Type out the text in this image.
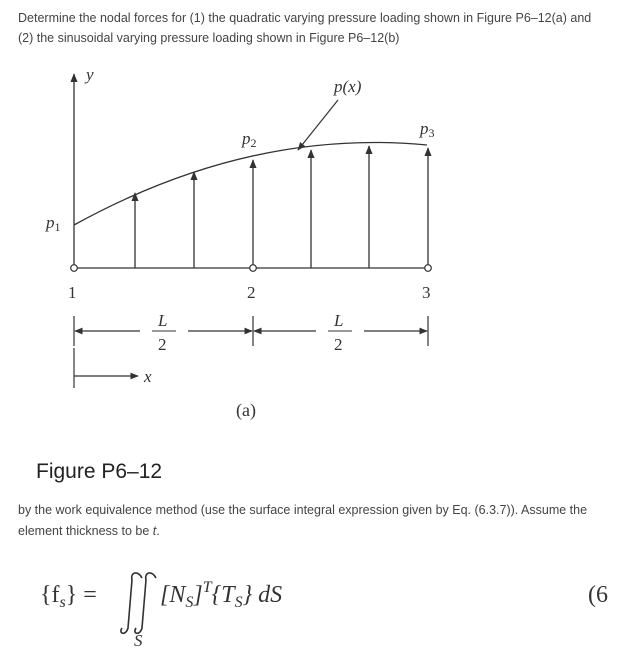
Determine the nodal forces for (1) the quadratic varying pressure loading shown in Figure P6–12(a) and (2) the sinusoidal varying pressure loading shown in Figure P6–12(b)
y
p(x)
p1
p2
p3
1	2	3
L
2
L
2
x
(a)
Figure P6–12
by the work equivalence method (use the surface integral expression given by Eq. (6.3.7)). Assume the element thickness to be t.
$\{f_s\}$ =	$[N_S]^T\{T_S\}$ dS
S
(6
